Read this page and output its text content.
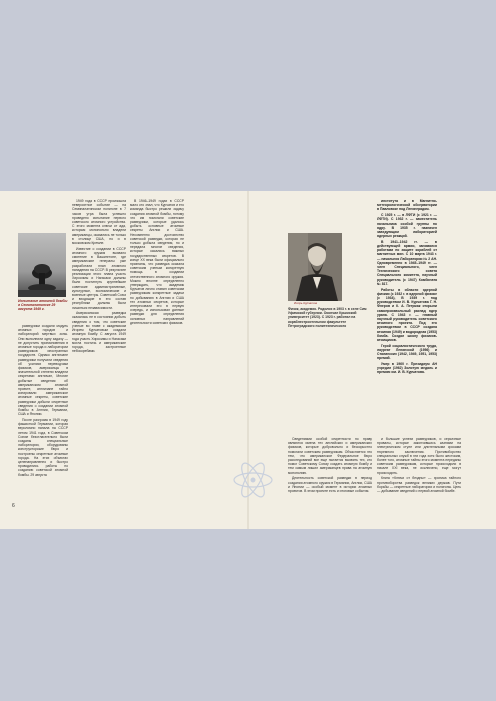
Испытание атомной бомбы в Семипалатинске 29 августа 1949 г.

разведчики создали модуль атомных городов и лабораторий мертвых зоны. Они выполнили одну задачу — не допустить проникновения в атомные города и лаборатории разведчиков иностранных государств. Однако англичане разведчики получили сведения об усилиях переводчики физиков, американцы в значительной степени владели секретами англичан, Многие добытые сведения об американском атомной проекте, англичане тайно копировали американское атомные секреты, советские разведчики добыли секретные сведения о создании атомной бомбы в Англии, Германии, США и Японии.

После разгрома в 1949 году фашисткой Германии, которая вероломно напала на СССР летом 1941 года, в Советском Союзе безотлагательно были созданы специальные лаборатории, оборудованы конструкторские бюро и построены секретные атомные города. На этих объектах целенаправленно и быстро проводились работы по созданию советской атомной бомбы. 29 августа

1949 года в СССР произошла невероятное событие — на Семипалатинском полигоне в 7 часов утра была успешно проведено испытание первого советского атомного устройства. С этого момента ключи от ада, которым монопольно владели американцы, оказались не только в столице США, но и в московском Кремле.

Известие о создании в СССР атомного оружия вызвало смятение в Вашингтоне, где американские генералы уже разработали план атомного нападения на СССР. В результате реализации этого плана участь Хиросимы и Нагасаки должны были постигнуть крупнейшие советские административные, культурные, экономические и военные центры. Советский Союз и входящие в его состав республики должны были лишиться независимости.

Американская разведка оказалась не в состоянии добыть сведения о том, что советские ученые во главе с академиком Игорем Курчатовым создали атомную бомбу. С августа 1949 года участь Хиросимы и Нагасаки могла постичь и американские города, застроенные небоскребами.

В 1946–1949 годах в СССР мало кто знал, что Курчатов и его команда быстро решили задачу создания атомной бомбы, потому что им помогали советские разведчики, которые удалось добыть основные атомные секреты Англии и США. Несомненно достоинство советской разведки, которая не только добыла сведения, но и передала многие сведения, которые касались важных государственных секретов. В конце XX века были официально признаны, что разведка оказала советским ученым конкретную помощь в создании отечественного атомного оружия. Можно вполне определенно утверждать, что академик Курчатов лично ставил советским разведчикам конкретные задачи по добыванию в Англии и США тех атомных секретов, которые интересовали его в первую очередь, и использовал данные разведки для определения основных направлений деятельности советских физиков.

6
Игорь Курчатов
Физик, академик. Родился в 1903 г. в селе Сим Уфимской губернии. Окончил Крымский университет (1923). С 1923 г. работал на кораблестроительном факультете Петроградского политехнического

института и в Магнитно-метеорологической обсерватории в Павловске под Ленинградом.

С 1925 г. — в ЛФТИ (с 1921 г. — ЛФТИ). С 1932 г. — заместитель начальника особой группы по ядру. В 1935 г. назначен заведующим лабораторией ядерных реакций.

В 1941–1942 гг. — в действующей армии, занимался работами по защите кораблей от магнитных мин. С 10 марта 1943 г. — начальник Лаборатории № 2 АН. Одновременно в 1945–1949 гг. — член Специального, член Технического совета Специального комитета, научный руководитель (с 1947) Комбината № 817.

Работы в области ядерной физики (с 1932 г. в ядерной физике (с 1934), В 1939 г. под руководством И. В. Курчатова Г. Н. Флеров и К. А. Петржак открыли самопроизвольный распад ядер урана. С 1943 г. — главный научный руководитель советского атомного проекта. Под его руководством в СССР создана атомная (1949) и водородная (1953) бомба. Создал школу физиков-атомщиков.

Герой социалистического труда, лауреат Ленинской (1956) и Сталинских (1942, 1949, 1951, 1953) премий.

Умер в 1960 г. Президиум АН учредил (1962) Золотую медаль и премию им. И. В. Курчатова.

Сведениями особой секретности по праву являются имена тех английских и американских физиков, которые добровольно и бескорыстно помогали советским разведчикам. Объясняется это тем, что американское Федеральное бюро расследований все еще пытается выявить тех, кто помог Советскому Союзу создать атомную бомбу и тем самым лишил американцев права на атомную монополию.

Деятельность советской разведки в период создания атомного оружия в Германии, Англии, США и Японии — особый момент в истории атомных проектов. В этом проекте есть и итоговые события.

и большие успехи разведчиков, и серьезные провалы, которые закончившись казнями на электрическом стуле или длительными сроками тюремного заключения. Противоборство специальных служб в эти года хотя было жестоким, более того, атомные тайны этого момента переданы советским разведчикам, которые происходили в начале XXI века, не исключено, еще могут происходить.

Книга «Ключи от бездны» — хроника тайного противоборства разведок великих держав. Пути борьбы — секретные лаборатории и полигоны. Цель — добывание сведений о первой атомной бомбе.
